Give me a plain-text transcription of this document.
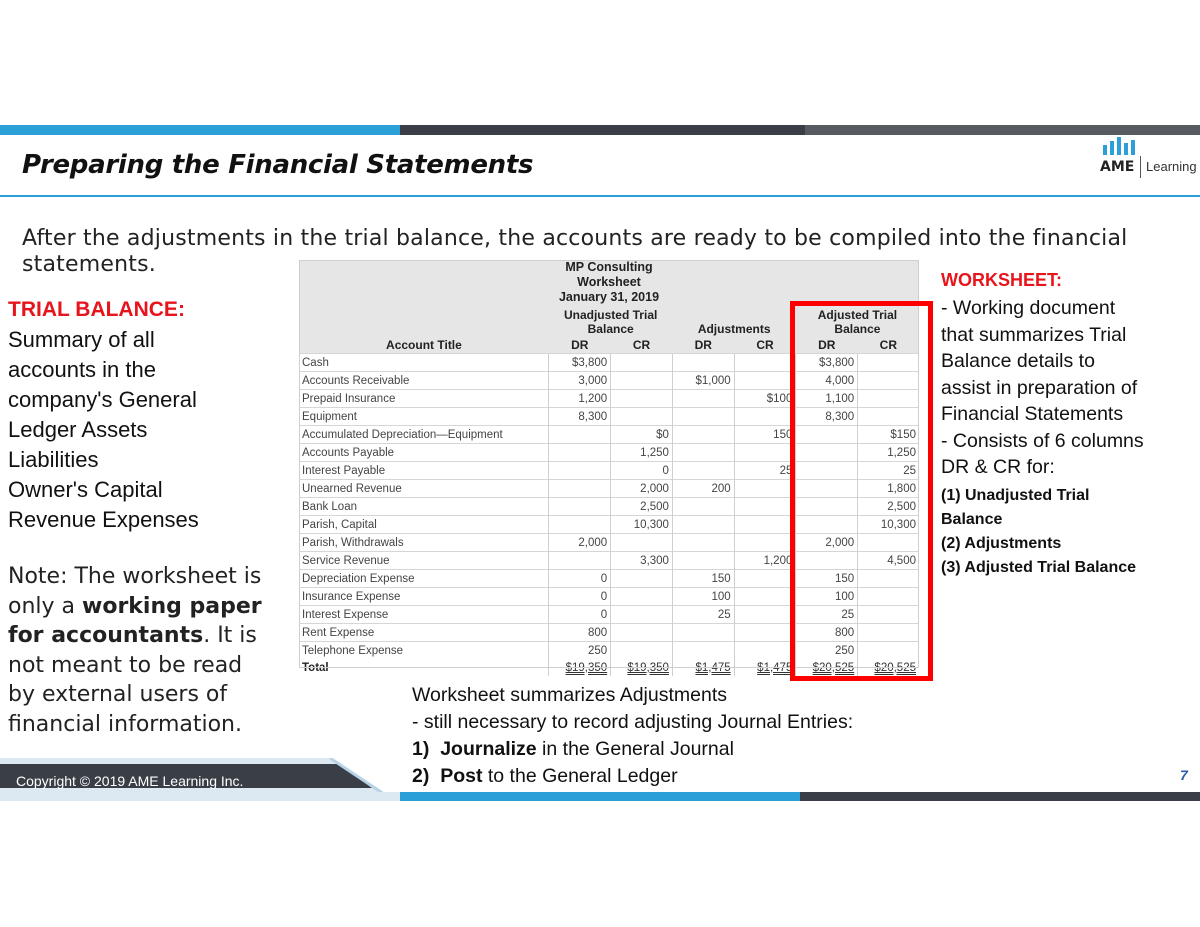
Preparing the Financial Statements	AME Learning
After the adjustments in the trial balance, the accounts are ready to be compiled into the financial statements.
TRIAL BALANCE:
Summary of all
accounts in the
company's General
Ledger Assets
Liabilities
Owner's Capital
Revenue Expenses
Note: The worksheet is
only a working paper
for accountants. It is
not meant to be read
by external users of
financial information.
MP Consulting
Worksheet
January 31, 2019
	Unadjusted Trial Balance		Adjustments		Adjusted Trial Balance	
Account Title	DR	CR	DR	CR	DR	CR
Cash	$3,800				$3,800	
Accounts Receivable	3,000		$1,000		4,000	
Prepaid Insurance	1,200			$100	1,100	
Equipment	8,300				8,300	
Accumulated Depreciation—Equipment		$0		150		$150
Accounts Payable		1,250				1,250
Interest Payable		0		25		25
Unearned Revenue		2,000	200			1,800
Bank Loan		2,500				2,500
Parish, Capital		10,300				10,300
Parish, Withdrawals	2,000				2,000	
Service Revenue		3,300		1,200		4,500
Depreciation Expense	0		150		150	
Insurance Expense	0		100		100	
Interest Expense	0		25		25	
Rent Expense	800				800	
Telephone Expense	250				250	
Total	$19,350	$19,350	$1,475	$1,475	$20,525	$20,525
WORKSHEET:
- Working document
that summarizes Trial
Balance details to
assist in preparation of
Financial Statements
- Consists of 6 columns
DR & CR for:
(1) Unadjusted Trial
Balance
(2) Adjustments
(3) Adjusted Trial Balance
Worksheet summarizes Adjustments
- still necessary to record adjusting Journal Entries:
1) Journalize in the General Journal
2) Post to the General Ledger
Copyright © 2019 AME Learning Inc.	7
